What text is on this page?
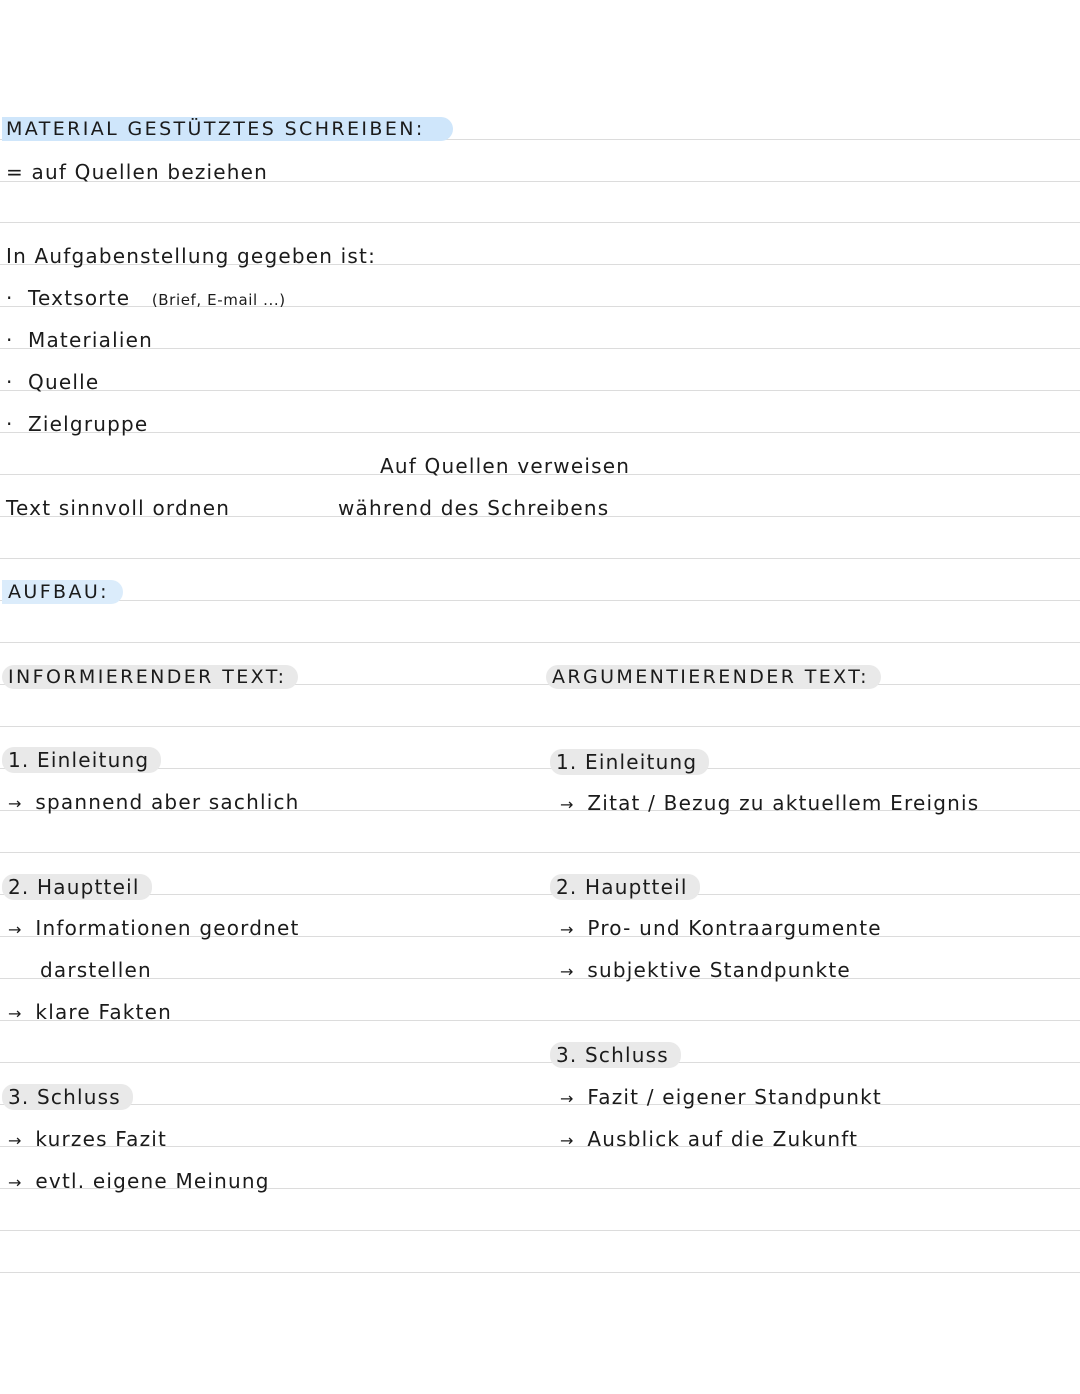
MATERIAL GESTÜTZTES SCHREIBEN:
= auf Quellen beziehen
In Aufgabenstellung gegeben ist:
· Textsorte (Brief, E-mail ...)
· Materialien
· Quelle
· Zielgruppe
Auf Quellen verweisen
während des Schreibens
Text sinnvoll ordnen
AUFBAU:
INFORMIERENDER TEXT:
1. Einleitung
→ spannend aber sachlich
2. Hauptteil
→ Informationen geordnet
darstellen
→ klare Fakten
3. Schluss
→ kurzes Fazit
→ evtl. eigene Meinung
ARGUMENTIERENDER TEXT:
1. Einleitung
→ Zitat / Bezug zu aktuellem Ereignis
2. Hauptteil
→ Pro- und Kontraargumente
→ subjektive Standpunkte
3. Schluss
→ Fazit / eigener Standpunkt
→ Ausblick auf die Zukunft
